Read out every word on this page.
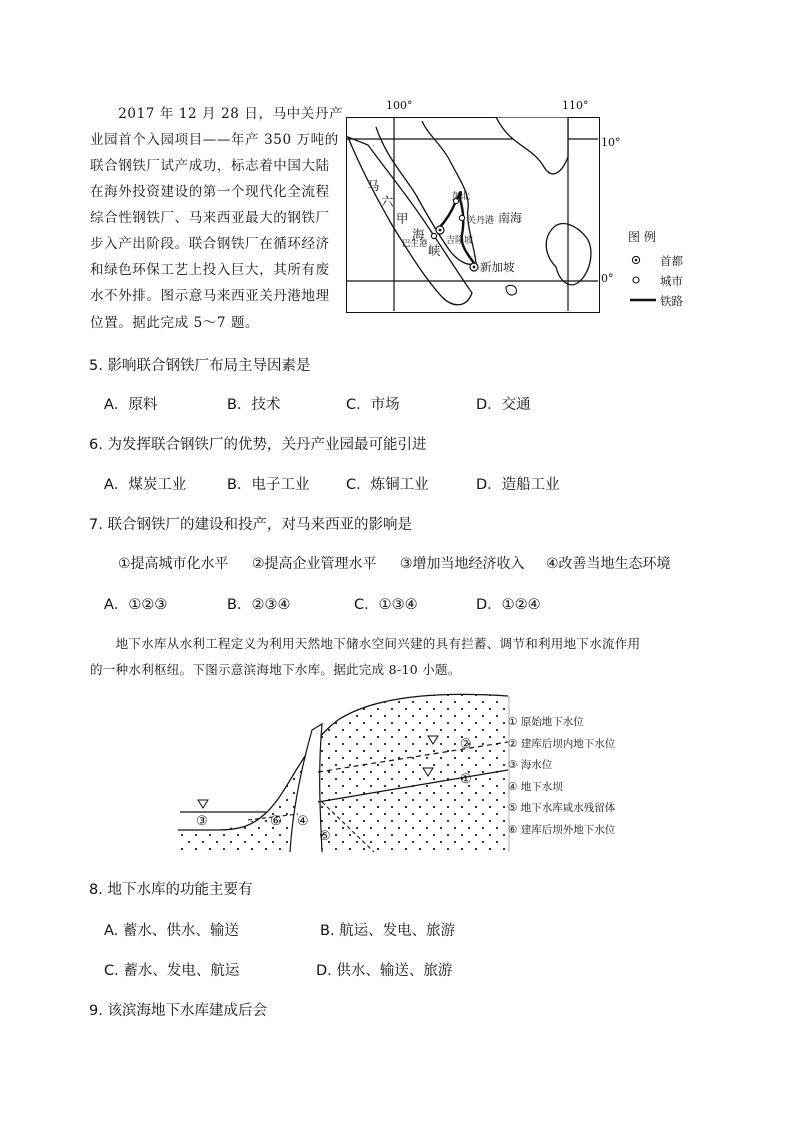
　　2017 年 12 月 28 日，马中关丹产
业园首个入园项目——年产 350 万吨的
联合钢铁厂试产成功，标志着中国大陆
在海外投资建设的第一个现代化全流程
综合性钢铁厂、马来西亚最大的钢铁厂
步入产出阶段。联合钢铁厂在循环经济
和绿色环保工艺上投入巨大，其所有废
水不外排。图示意马来西亚关丹港地理
位置。据此完成 5～7 题。
100°	110°
10°
0°
马
六
甲
海
峡
彭北
关丹港 南海
吉隆坡
巴生港
新加坡
图 例
首都
城市
铁路
5. 影响联合钢铁厂布局主导因素是
A．原料	B．技术	C．市场	D．交通
6. 为发挥联合钢铁厂的优势，关丹产业园最可能引进
A．煤炭工业	B．电子工业	C．炼铜工业	D．造船工业
7. 联合钢铁厂的建设和投产，对马来西亚的影响是
①提高城市化水平 ②提高企业管理水平 ③增加当地经济收入 ④改善当地生态环境
A．①②③	B．②③④	C．①③④	D．①②④
　　地下水库从水利工程定义为利用天然地下储水空间兴建的具有拦蓄、调节和利用地下水流作用
的一种水利枢纽。下图示意滨海地下水库。据此完成 8-10 小题。
③	⑥ ④
⑤
②
①
① 原始地下水位
② 建库后坝内地下水位
③ 海水位
④ 地下水坝
⑤ 地下水库咸水残留体
⑥ 建库后坝外地下水位
8. 地下水库的功能主要有
A. 蓄水、供水、输送	B. 航运、发电、旅游
C. 蓄水、发电、航运	D. 供水、输送、旅游
9. 该滨海地下水库建成后会
